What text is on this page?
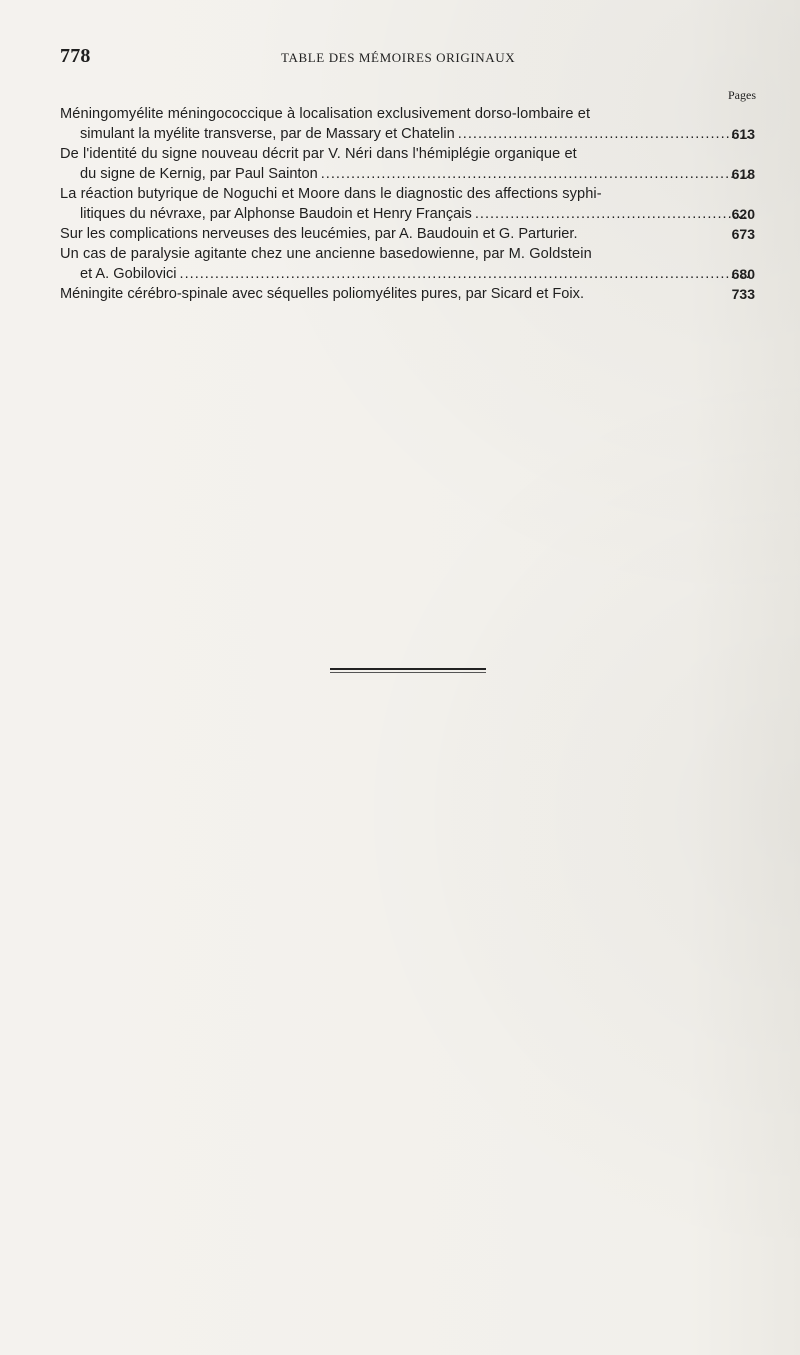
778	TABLE DES MÉMOIRES ORIGINAUX
Pages
Méningomyélite méningococcique à localisation exclusivement dorso-lombaire et
simulant la myélite transverse, par de Massary et Chatelin .....	613
De l'identité du signe nouveau décrit par V. Néri dans l'hémiplégie organique et
du signe de Kernig, par Paul Sainton .....	618
La réaction butyrique de Noguchi et Moore dans le diagnostic des affections syphi-
litiques du névraxe, par Alphonse Baudoin et Henry Français .....	620
Sur les complications nerveuses des leucémies, par A. Baudouin et G. Parturier.	673
Un cas de paralysie agitante chez une ancienne basedowienne, par M. Goldstein
et A. Gobilovici .....	680
Méningite cérébro-spinale avec séquelles poliomyélites pures, par Sicard et Foix.	733
